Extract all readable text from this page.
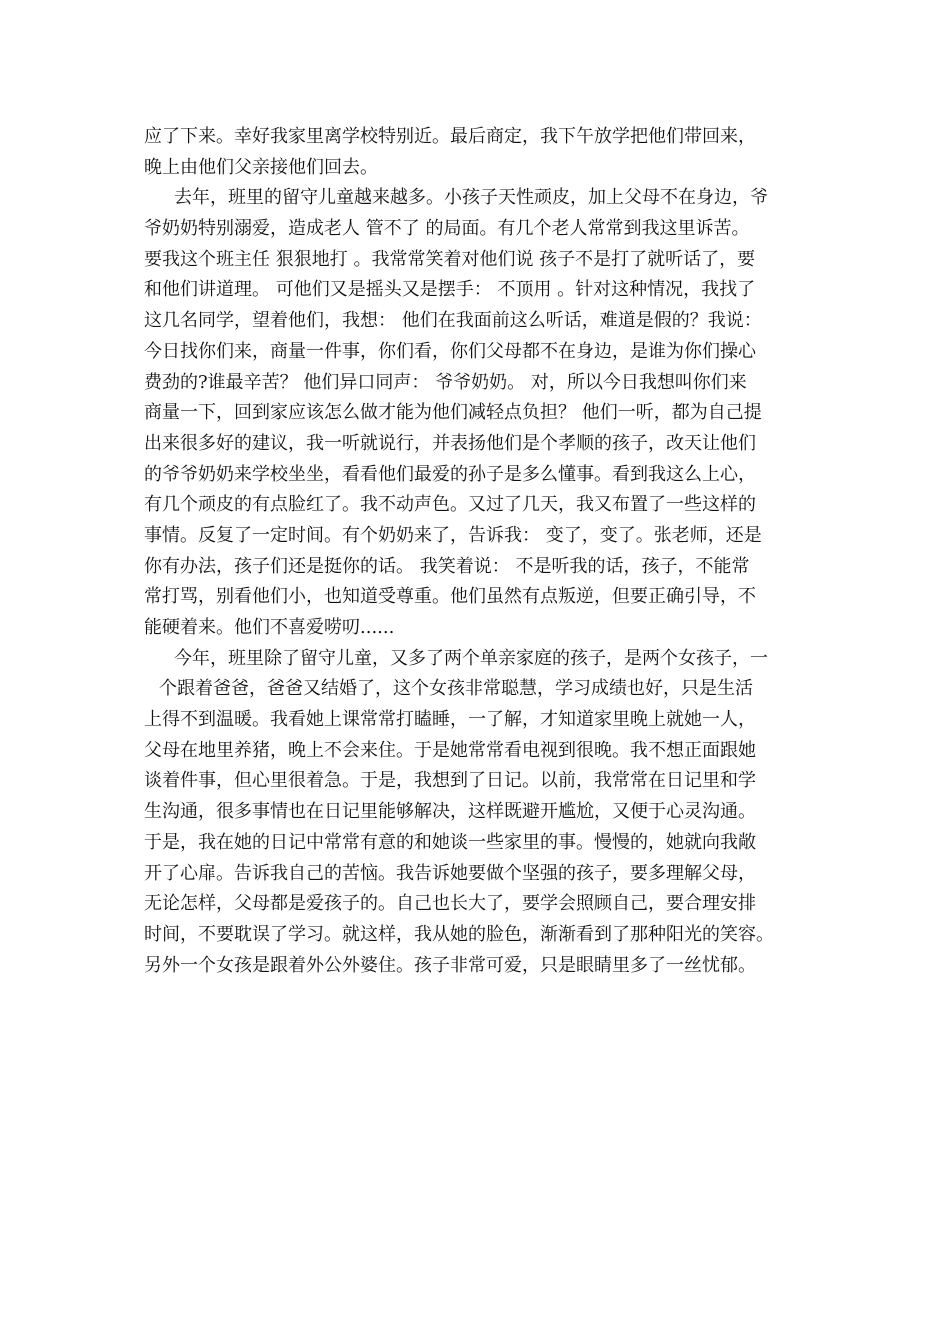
应了下来。幸好我家里离学校特别近。最后商定，我下午放学把他们带回来，
晚上由他们父亲接他们回去。
去年，班里的留守儿童越来越多。小孩子天性顽皮，加上父母不在身边，爷
爷奶奶特别溺爱，造成老人 管不了 的局面。有几个老人常常到我这里诉苦。
要我这个班主任 狠狠地打 。我常常笑着对他们说 孩子不是打了就听话了，要
和他们讲道理。 可他们又是摇头又是摆手： 不顶用 。针对这种情况，我找了
这几名同学，望着他们，我想： 他们在我面前这么听话，难道是假的？我说：
今日找你们来，商量一件事，你们看，你们父母都不在身边，是谁为你们操心
费劲的?谁最辛苦？ 他们异口同声： 爷爷奶奶。 对，所以今日我想叫你们来
商量一下，回到家应该怎么做才能为他们减轻点负担？ 他们一听，都为自己提
出来很多好的建议，我一听就说行，并表扬他们是个孝顺的孩子，改天让他们
的爷爷奶奶来学校坐坐，看看他们最爱的孙子是多么懂事。看到我这么上心，
有几个顽皮的有点脸红了。我不动声色。又过了几天，我又布置了一些这样的
事情。反复了一定时间。有个奶奶来了，告诉我： 变了，变了。张老师，还是
你有办法，孩子们还是挺你的话。 我笑着说： 不是听我的话，孩子，不能常
常打骂，别看他们小，也知道受尊重。他们虽然有点叛逆，但要正确引导，不
能硬着来。他们不喜爱唠叨......
今年，班里除了留守儿童，又多了两个单亲家庭的孩子，是两个女孩子，一
个跟着爸爸，爸爸又结婚了，这个女孩非常聪慧，学习成绩也好，只是生活
上得不到温暖。我看她上课常常打瞌睡，一了解，才知道家里晚上就她一人，
父母在地里养猪，晚上不会来住。于是她常常看电视到很晚。我不想正面跟她
谈着件事，但心里很着急。于是，我想到了日记。以前，我常常在日记里和学
生沟通，很多事情也在日记里能够解决，这样既避开尴尬，又便于心灵沟通。
于是，我在她的日记中常常有意的和她谈一些家里的事。慢慢的，她就向我敞
开了心扉。告诉我自己的苦恼。我告诉她要做个坚强的孩子，要多理解父母，
无论怎样，父母都是爱孩子的。自己也长大了，要学会照顾自己，要合理安排
时间，不要耽误了学习。就这样，我从她的脸色，渐渐看到了那种阳光的笑容。
另外一个女孩是跟着外公外婆住。孩子非常可爱，只是眼睛里多了一丝忧郁。
